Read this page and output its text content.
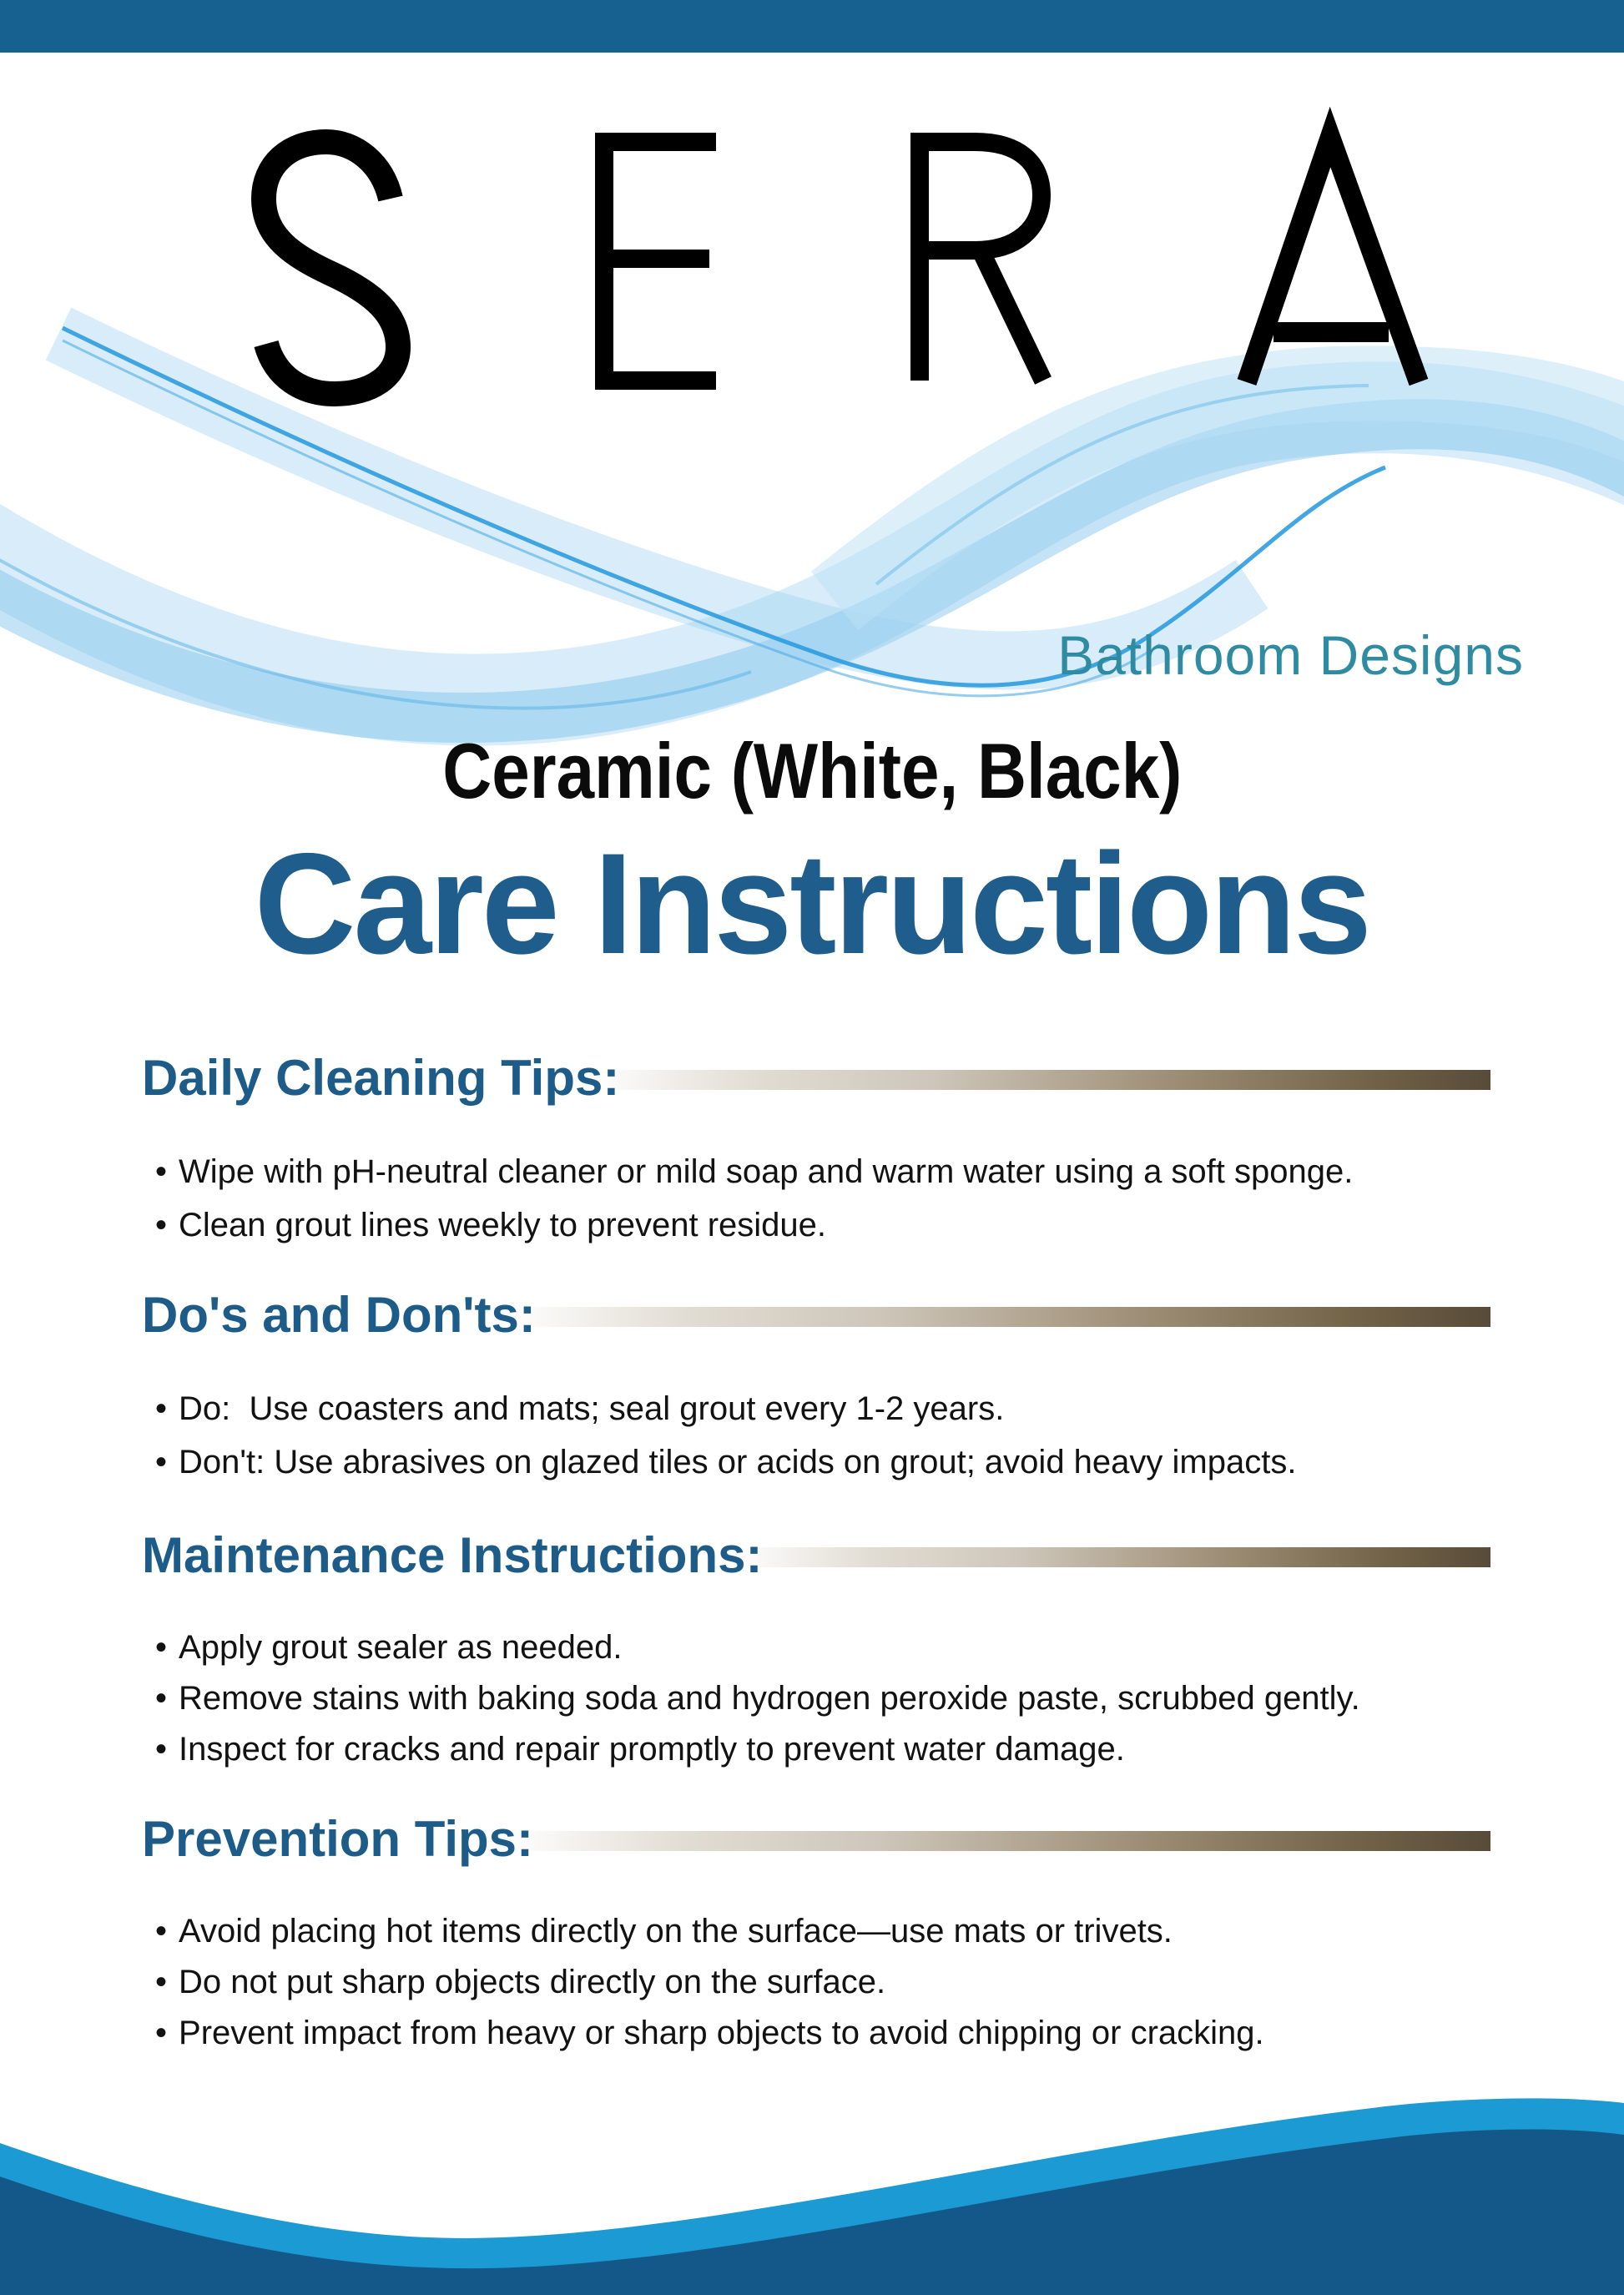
Bathroom Designs
Ceramic (White, Black)
Care Instructions
Daily Cleaning Tips:
• Wipe with pH-neutral cleaner or mild soap and warm water using a soft sponge.
• Clean grout lines weekly to prevent residue.
Do's and Don'ts:
• Do:  Use coasters and mats; seal grout every 1-2 years.
• Don't: Use abrasives on glazed tiles or acids on grout; avoid heavy impacts.
Maintenance Instructions:
• Apply grout sealer as needed.
• Remove stains with baking soda and hydrogen peroxide paste, scrubbed gently.
• Inspect for cracks and repair promptly to prevent water damage.
Prevention Tips:
• Avoid placing hot items directly on the surface—use mats or trivets.
• Do not put sharp objects directly on the surface.
• Prevent impact from heavy or sharp objects to avoid chipping or cracking.
